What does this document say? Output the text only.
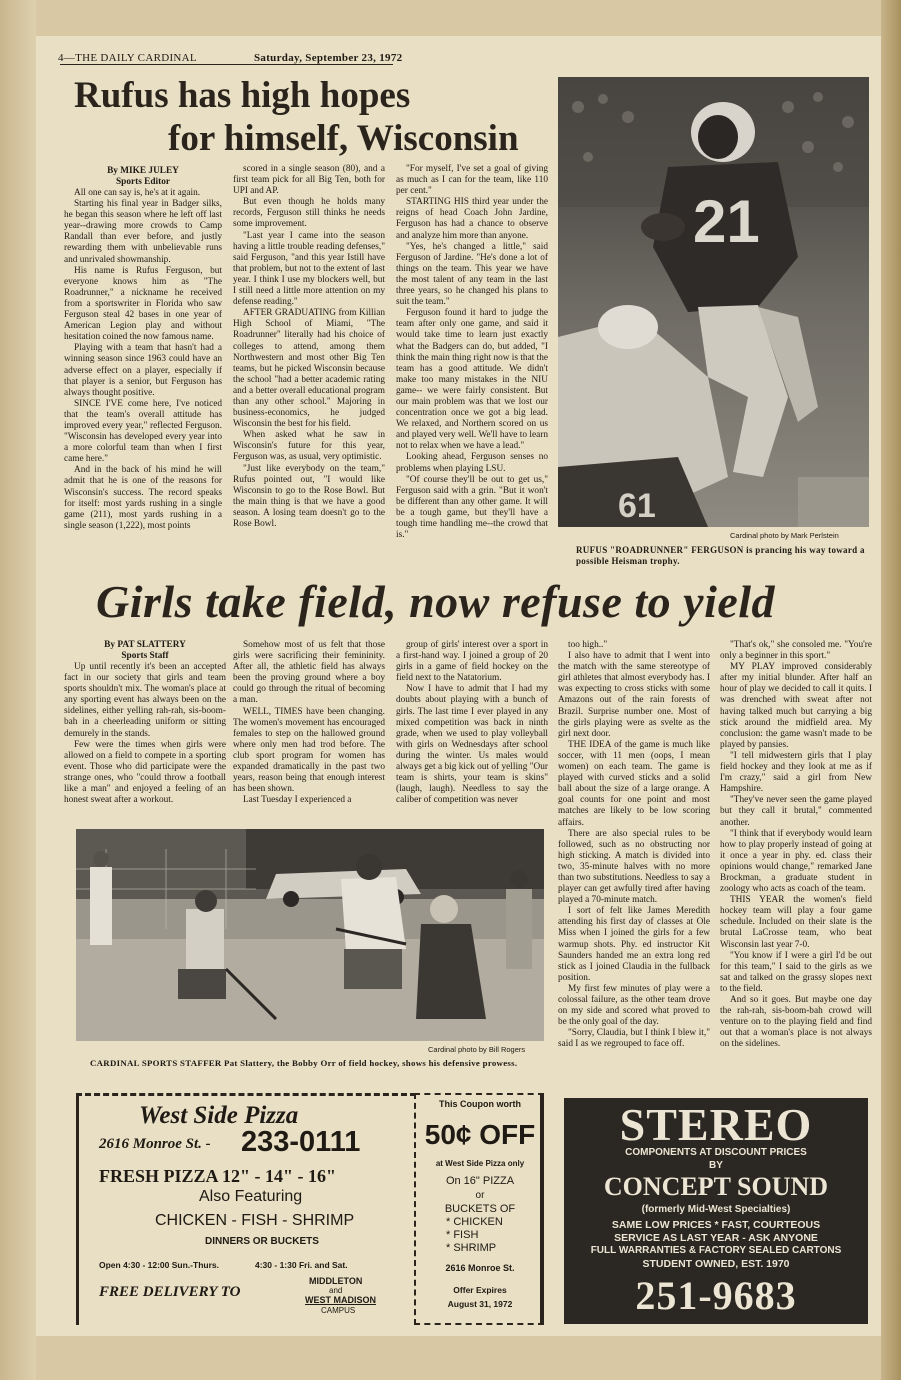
4—THE DAILY CARDINAL	Saturday, September 23, 1972
Rufus has high hopes
for himself, Wisconsin
By MIKE JULEY
Sports Editor

All one can say is, he's at it again.

Starting his final year in Badger silks, he began this season where he left off last year--drawing more crowds to Camp Randall than ever before, and justly rewarding them with unbelievable runs and unrivaled showmanship.

His name is Rufus Ferguson, but everyone knows him as "The Roadrunner," a nickname he received from a sportswriter in Florida who saw Ferguson steal 42 bases in one year of American Legion play and without hesitation coined the now famous name.

Playing with a team that hasn't had a winning season since 1963 could have an adverse effect on a player, especially if that player is a senior, but Ferguson has always thought positive.

SINCE I'VE come here, I've noticed that the team's overall attitude has improved every year," reflected Ferguson. "Wisconsin has developed every year into a more colorful team than when I first came here."

And in the back of his mind he will admit that he is one of the reasons for Wisconsin's success. The record speaks for itself: most yards rushing in a single game (211), most yards rushing in a single season (1,222), most points

scored in a single season (80), and a first team pick for all Big Ten, both for UPI and AP.

But even though he holds many records, Ferguson still thinks he needs some improvement.

"Last year I came into the season having a little trouble reading defenses," said Ferguson, "and this year Istill have that problem, but not to the extent of last year. I think I use my blockers well, but I still need a little more attention on my defense reading."

AFTER GRADUATING from Killian High School of Miami, "The Roadrunner" literally had his choice of colleges to attend, among them Northwestern and most other Big Ten teams, but he picked Wisconsin because the school "had a better academic rating and a better overall educational program than any other school." Majoring in business-economics, he judged Wisconsin the best for his field.

When asked what he saw in Wisconsin's future for this year, Ferguson was, as usual, very optimistic.

"Just like everybody on the team," Rufus pointed out, "I would like Wisconsin to go to the Rose Bowl. But the main thing is that we have a good season. A losing team doesn't go to the Rose Bowl.

"For myself, I've set a goal of giving as much as I can for the team, like 110 per cent."

STARTING HIS third year under the reigns of head Coach John Jardine, Ferguson has had a chance to observe and analyze him more than anyone.

"Yes, he's changed a little," said Ferguson of Jardine. "He's done a lot of things on the team. This year we have the most talent of any team in the last three years, so he changed his plans to suit the team."

Ferguson found it hard to judge the team after only one game, and said it would take time to learn just exactly what the Badgers can do, but added, "I think the main thing right now is that the team has a good attitude. We didn't make too many mistakes in the NIU game-- we were fairly consistent. But our main problem was that we lost our concentration once we got a big lead. We relaxed, and Northern scored on us and played very well. We'll have to learn not to relax when we have a lead."

Looking ahead, Ferguson senses no problems when playing LSU.

"Of course they'll be out to get us," Ferguson said with a grin. "But it won't be different than any other game. It will be a tough game, but they'll have a tough time handling me--the crowd that is."

21
61
Cardinal photo by Mark Perlstein
RUFUS "ROADRUNNER" FERGUSON is prancing his way toward a possible Heisman trophy.
Girls take field, now refuse to yield
By PAT SLATTERY
Sports Staff

Up until recently it's been an accepted fact in our society that girls and team sports shouldn't mix. The woman's place at any sporting event has always been on the sidelines, either yelling rah-rah, sis-boom-bah in a cheerleading uniform or sitting demurely in the stands.

Few were the times when girls were allowed on a field to compete in a sporting event. Those who did participate were the strange ones, who "could throw a football like a man" and enjoyed a feeling of an honest sweat after a workout.

Somehow most of us felt that those girls were sacrificing their femininity. After all, the athletic field has always been the proving ground where a boy could go through the ritual of becoming a man.

WELL, TIMES have been changing. The women's movement has encouraged females to step on the hallowed ground where only men had trod before. The club sport program for women has expanded dramatically in the past two years, reason being that enough interest has been shown.

Last Tuesday I experienced a

group of girls' interest over a sport in a first-hand way. I joined a group of 20 girls in a game of field hockey on the field next to the Natatorium.

Now I have to admit that I had my doubts about playing with a bunch of girls. The last time I ever played in any mixed competition was back in ninth grade, when we used to play volleyball with girls on Wednesdays after school during the winter. Us males would always get a big kick out of yelling "Our team is shirts, your team is skins" (laugh, laugh). Needless to say the caliber of competition was never

too high.."

I also have to admit that I went into the match with the same stereotype of girl athletes that almost everybody has. I was expecting to cross sticks with some Amazons out of the rain forests of Brazil. Surprise number one. Most of the girls playing were as svelte as the girl next door.

THE IDEA of the game is much like soccer, with 11 men (oops, I mean women) on each team. The game is played with curved sticks and a solid ball about the size of a large orange. A goal counts for one point and most matches are likely to be low scoring affairs.

There are also special rules to be followed, such as no obstructing nor high sticking. A match is divided into two, 35-minute halves with no more than two substitutions. Needless to say a player can get awfully tired after having played a 70-minute match.

I sort of felt like James Meredith attending his first day of classes at Ole Miss when I joined the girls for a few warmup shots. Phy. ed instructor Kit Saunders handed me an extra long red stick as I joined Claudia in the fullback position.

My first few minutes of play were a colossal failure, as the other team drove on my side and scored what proved to be the only goal of the day.

"Sorry, Claudia, but I think I blew it," said I as we regrouped to face off.

"That's ok," she consoled me. "You're only a beginner in this sport."

MY PLAY improved considerably after my initial blunder. After half an hour of play we decided to call it quits. I was drenched with sweat after not having talked much but carrying a big stick around the midfield area. My conclusion: the game wasn't made to be played by pansies.

"I tell midwestern girls that I play field hockey and they look at me as if I'm crazy," said a girl from New Hampshire.

"They've never seen the game played but they call it brutal," commented another.

"I think that if everybody would learn how to play properly instead of going at it once a year in phy. ed. class their opinions would change," remarked Jane Brockman, a graduate student in zoology who acts as coach of the team.

THIS YEAR the women's field hockey team will play a four game schedule. Included on their slate is the brutal LaCrosse team, who beat Wisconsin last year 7-0.

"You know if I were a girl I'd be out for this team," I said to the girls as we sat and talked on the grassy slopes next to the field.

And so it goes. But maybe one day the rah-rah, sis-boom-bah crowd will venture on to the playing field and find out that a woman's place is not always on the sidelines.

Cardinal photo by Bill Rogers
CARDINAL SPORTS STAFFER Pat Slattery, the Bobby Orr of field hockey, shows his defensive prowess.
West Side Pizza
2616 Monroe St. - 233-0111
FRESH PIZZA 12" - 14" - 16"
Also Featuring
CHICKEN - FISH - SHRIMP
DINNERS OR BUCKETS
Open 4:30 - 12:00 Sun.-Thurs.	4:30 - 1:30 Fri. and Sat.
FREE DELIVERY TO
MIDDLETON
and
WEST MADISON
CAMPUS
This Coupon worth
50¢ OFF
at West Side Pizza only
On 16" PIZZA
or
BUCKETS OF
* CHICKEN
* FISH
* SHRIMP
2616 Monroe St.
Offer Expires
August 31, 1972
STEREO
COMPONENTS AT DISCOUNT PRICES
BY
CONCEPT SOUND
(formerly Mid-West Specialties)
SAME LOW PRICES * FAST, COURTEOUS
SERVICE AS LAST YEAR - ASK ANYONE
FULL WARRANTIES & FACTORY SEALED CARTONS
STUDENT OWNED, EST. 1970
251-9683
